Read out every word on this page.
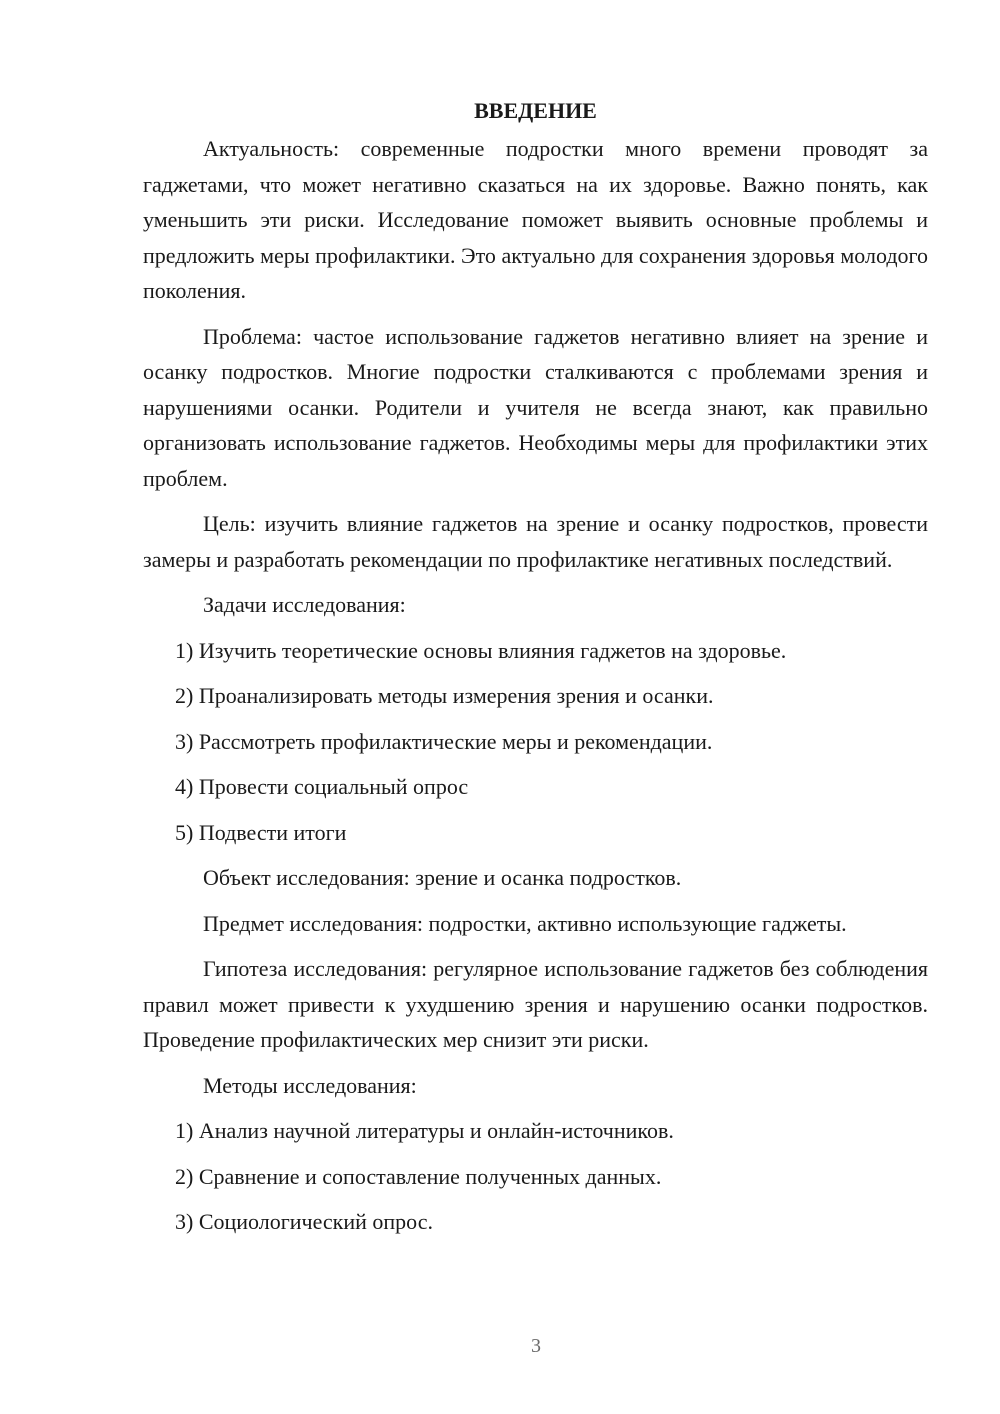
ВВЕДЕНИЕ

Актуальность: современные подростки много времени проводят за гаджетами, что может негативно сказаться на их здоровье. Важно понять, как уменьшить эти риски. Исследование поможет выявить основные проблемы и предложить меры профилактики. Это актуально для сохранения здоровья молодого поколения.

Проблема: частое использование гаджетов негативно влияет на зрение и осанку подростков. Многие подростки сталкиваются с проблемами зрения и нарушениями осанки. Родители и учителя не всегда знают, как правильно организовать использование гаджетов. Необходимы меры для профилактики этих проблем.

Цель: изучить влияние гаджетов на зрение и осанку подростков, провести замеры и разработать рекомендации по профилактике негативных последствий.

Задачи исследования:

1) Изучить теоретические основы влияния гаджетов на здоровье.
2) Проанализировать методы измерения зрения и осанки.
3) Рассмотреть профилактические меры и рекомендации.
4) Провести социальный опрос
5) Подвести итоги

Объект исследования: зрение и осанка подростков.

Предмет исследования: подростки, активно использующие гаджеты.

Гипотеза исследования: регулярное использование гаджетов без соблюдения правил может привести к ухудшению зрения и нарушению осанки подростков. Проведение профилактических мер снизит эти риски.

Методы исследования:

1) Анализ научной литературы и онлайн-источников.
2) Сравнение и сопоставление полученных данных.
3) Социологический опрос.
3
